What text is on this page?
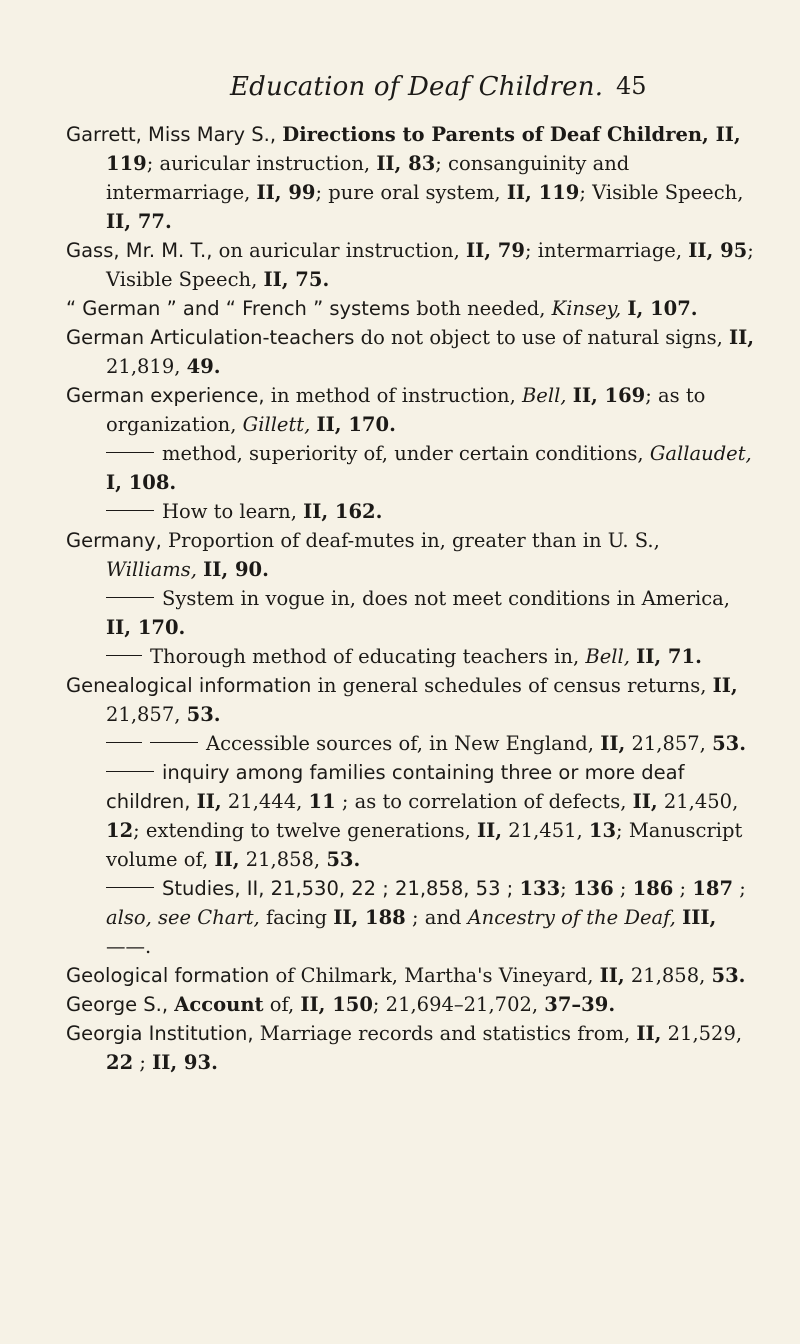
Education of Deaf Children. 45

Garrett, Miss Mary S., Directions to Parents of Deaf Children, II, 119; auricular instruction, II, 83; consanguinity and intermarriage, II, 99; pure oral system, II, 119; Visible Speech, II, 77.

Gass, Mr. M. T., on auricular instruction, II, 79; intermarriage, II, 95; Visible Speech, II, 75.

“ German ” and “ French ” systems both needed, Kinsey, I, 107.

German Articulation-teachers do not object to use of natural signs, II, 21,819, 49.

German experience, in method of instruction, Bell, II, 169; as to organization, Gillett, II, 170.

method, superiority of, under certain conditions, Gallaudet, I, 108.

How to learn, II, 162.

Germany, Proportion of deaf-mutes in, greater than in U. S., Williams, II, 90.

System in vogue in, does not meet conditions in America, II, 170.

Thorough method of educating teachers in, Bell, II, 71.

Genealogical information in general schedules of census returns, II, 21,857, 53.

Accessible sources of, in New England, II, 21,857, 53.

inquiry among families containing three or more deaf children, II, 21,444, 11 ; as to correlation of defects, II, 21,450, 12; extending to twelve generations, II, 21,451, 13; Manuscript volume of, II, 21,858, 53.

Studies, II, 21,530, 22 ; 21,858, 53 ; 133; 136 ; 186 ; 187 ; also, see Chart, facing II, 188 ; and Ancestry of the Deaf, III,——.

Geological formation of Chilmark, Martha's Vineyard, II, 21,858, 53.

George S., Account of, II, 150; 21,694–21,702, 37–39.

Georgia Institution, Marriage records and statistics from, II, 21,529, 22 ; II, 93.
